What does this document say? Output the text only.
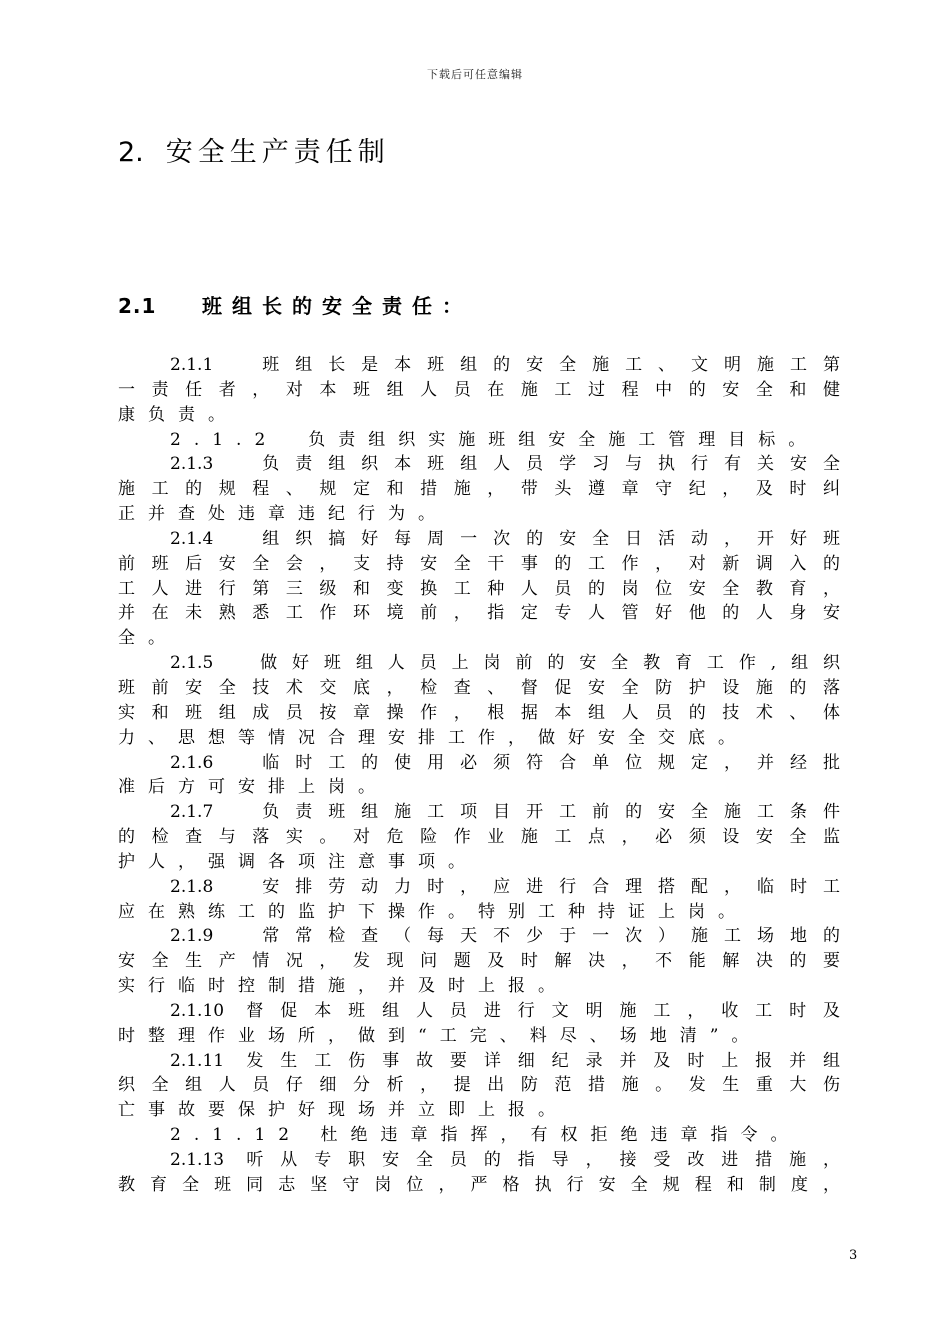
下载后可任意编辑
2. 安全生产责任制
2.1 班组长的安全责任：
2.1.1　班组长是本班组的安全施工、文明施工第
一责任者，对本班组人员在施工过程中的安全和健
康负责。
2.1.2　负责组织实施班组安全施工管理目标。
2.1.3　负责组织本班组人员学习与执行有关安全
施工的规程、规定和措施，带头遵章守纪，及时纠
正并查处违章违纪行为。
2.1.4　组织搞好每周一次的安全日活动，开好班
前班后安全会，支持安全干事的工作，对新调入的
工人进行第三级和变换工种人员的岗位安全教育，
并在未熟悉工作环境前，指定专人管好他的人身安
全。
2.1.5　做好班组人员上岗前的安全教育工作,组织
班前安全技术交底，检查、督促安全防护设施的落
实和班组成员按章操作，根据本组人员的技术、体
力、思想等情况合理安排工作，做好安全交底。
2.1.6　临时工的使用必须符合单位规定，并经批
准后方可安排上岗。
2.1.7　负责班组施工项目开工前的安全施工条件
的检查与落实。对危险作业施工点，必须设安全监
护人，强调各项注意事项。
2.1.8　安排劳动力时，应进行合理搭配，临时工
应在熟练工的监护下操作。特别工种持证上岗。
2.1.9　常常检查（每天不少于一次）施工场地的
安全生产情况，发现问题及时解决，不能解决的要
实行临时控制措施，并及时上报。
2.1.10 督促本班组人员进行文明施工，收工时及
时整理作业场所，做到“工完、料尽、场地清”。
2.1.11 发生工伤事故要详细纪录并及时上报并组
织全组人员仔细分析，提出防范措施。发生重大伤
亡事故要保护好现场并立即上报。
2.1.12 杜绝违章指挥，有权拒绝违章指令。
2.1.13 听从专职安全员的指导，接受改进措施，
教育全班同志坚守岗位，严格执行安全规程和制度，
3
